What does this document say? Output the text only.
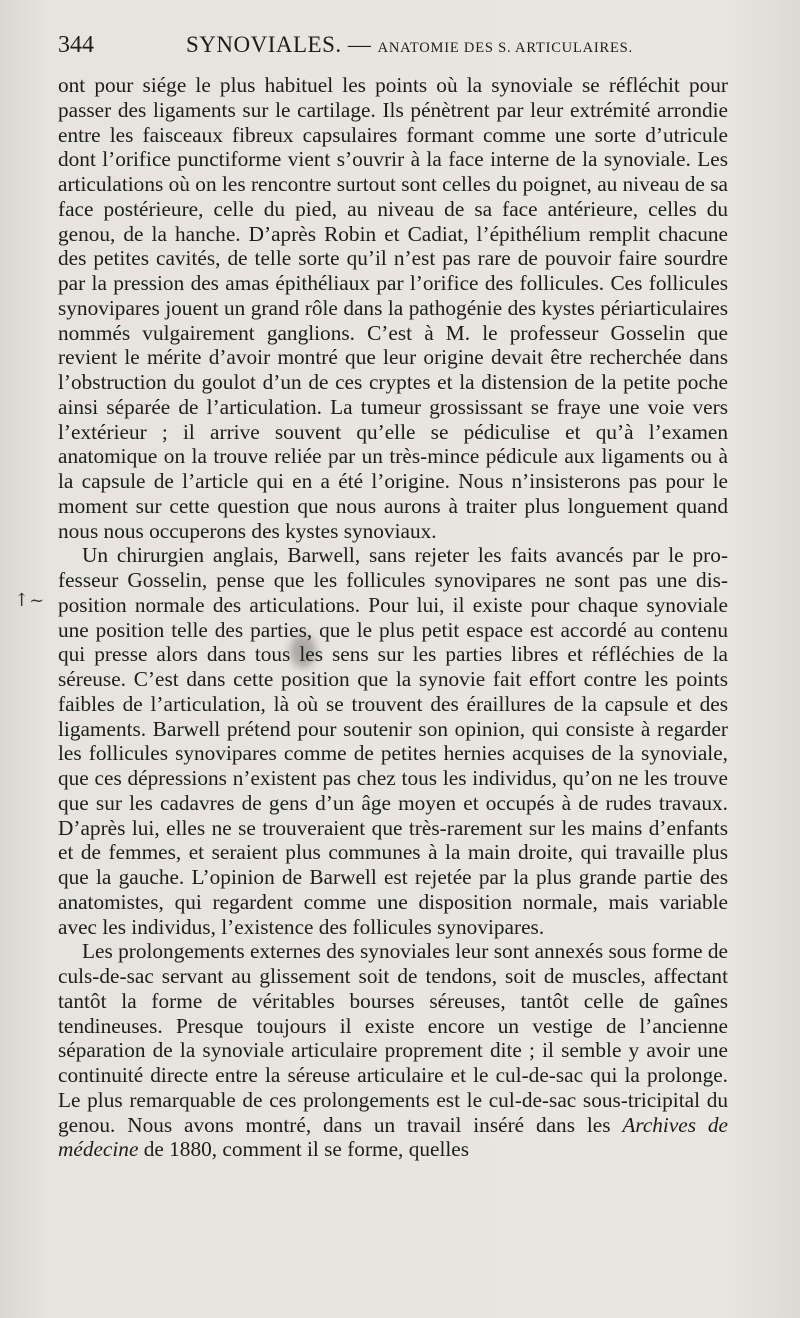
344	SYNOVIALES. — ANATOMIE DES S. ARTICULAIRES.
↑~

ont pour siége le plus habituel les points où la synoviale se réfléchit pour passer des ligaments sur le cartilage. Ils pénètrent par leur extrémité arrondie entre les faisceaux fibreux capsulaires formant comme une sorte d’utricule dont l’orifice punctiforme vient s’ouvrir à la face interne de la synoviale. Les articulations où on les rencontre surtout sont celles du poignet, au niveau de sa face postérieure, celle du pied, au niveau de sa face antérieure, celles du genou, de la hanche. D’après Robin et Cadiat, l’épithélium remplit chacune des petites cavités, de telle sorte qu’il n’est pas rare de pouvoir faire sourdre par la pression des amas épithéliaux par l’orifice des follicules. Ces follicules synovipares jouent un grand rôle dans la pathogénie des kystes périarticulaires nommés vulgairement ganglions. C’est à M. le professeur Gosselin que revient le mérite d’avoir montré que leur origine devait être recherchée dans l’obstruction du goulot d’un de ces cryptes et la distension de la petite poche ainsi séparée de l’articulation. La tumeur grossissant se fraye une voie vers l’extérieur ; il arrive souvent qu’elle se pédiculise et qu’à l’examen anatomique on la trouve reliée par un très-mince pédicule aux ligaments ou à la capsule de l’article qui en a été l’origine. Nous n’insisterons pas pour le moment sur cette question que nous aurons à traiter plus longuement quand nous nous occuperons des kystes synoviaux.

Un chirurgien anglais, Barwell, sans rejeter les faits avancés par le professeur Gosselin, pense que les follicules synovipares ne sont pas une disposition normale des articulations. Pour lui, il existe pour chaque synoviale une position telle des parties, que le plus petit espace est accordé au contenu qui presse alors dans tous les sens sur les parties libres et réfléchies de la séreuse. C’est dans cette position que la synovie fait effort contre les points faibles de l’articulation, là où se trouvent des éraillures de la capsule et des ligaments. Barwell prétend pour soutenir son opinion, qui consiste à regarder les follicules synovipares comme de petites hernies acquises de la synoviale, que ces dépressions n’existent pas chez tous les individus, qu’on ne les trouve que sur les cadavres de gens d’un âge moyen et occupés à de rudes travaux. D’après lui, elles ne se trouveraient que très-rarement sur les mains d’enfants et de femmes, et seraient plus communes à la main droite, qui travaille plus que la gauche. L’opinion de Barwell est rejetée par la plus grande partie des anatomistes, qui regardent comme une disposition normale, mais variable avec les individus, l’existence des follicules synovipares.

Les prolongements externes des synoviales leur sont annexés sous forme de culs-de-sac servant au glissement soit de tendons, soit de muscles, affectant tantôt la forme de véritables bourses séreuses, tantôt celle de gaînes tendineuses. Presque toujours il existe encore un vestige de l’ancienne séparation de la synoviale articulaire proprement dite ; il semble y avoir une continuité directe entre la séreuse articulaire et le cul-de-sac qui la prolonge. Le plus remarquable de ces prolongements est le cul-de-sac sous-tricipital du genou. Nous avons montré, dans un travail inséré dans les Archives de médecine de 1880, comment il se forme, quelles
